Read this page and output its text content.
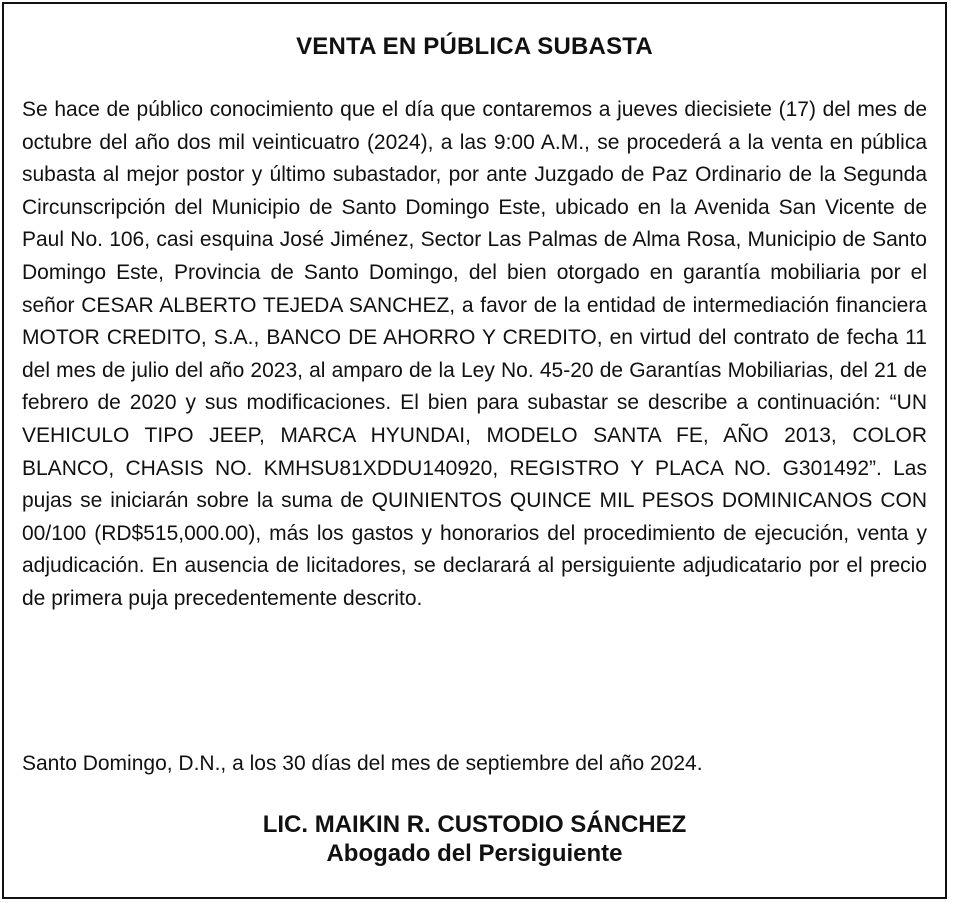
VENTA EN PÚBLICA SUBASTA

Se hace de público conocimiento que el día que contaremos a jueves diecisiete (17) del mes de octubre del año dos mil veinticuatro (2024), a las 9:00 A.M., se procederá a la venta en pública subasta al mejor postor y último subastador, por ante Juzgado de Paz Ordinario de la Segunda Circunscripción del Municipio de Santo Domingo Este, ubicado en la Avenida San Vicente de Paul No. 106, casi esquina José Jiménez, Sector Las Palmas de Alma Rosa, Municipio de Santo Domingo Este, Provincia de Santo Domingo, del bien otorgado en garantía mobiliaria por el señor CESAR ALBERTO TEJEDA SANCHEZ, a favor de la entidad de intermediación financiera MOTOR CREDITO, S.A., BANCO DE AHORRO Y CREDITO, en virtud del contrato de fecha 11 del mes de julio del año 2023, al amparo de la Ley No. 45-20 de Garantías Mobiliarias, del 21 de febrero de 2020 y sus modificaciones. El bien para subastar se describe a continuación: “UN VEHICULO TIPO JEEP, MARCA HYUNDAI, MODELO SANTA FE, AÑO 2013, COLOR BLANCO, CHASIS NO. KMHSU81XDDU140920, REGISTRO Y PLACA NO. G301492”. Las pujas se iniciarán sobre la suma de QUINIENTOS QUINCE MIL PESOS DOMINICANOS CON 00/100 (RD$515,000.00), más los gastos y honorarios del procedimiento de ejecución, venta y adjudicación. En ausencia de licitadores, se declarará al persiguiente adjudicatario por el precio de primera puja precedentemente descrito.

Santo Domingo, D.N., a los 30 días del mes de septiembre del año 2024.

LIC. MAIKIN R. CUSTODIO SÁNCHEZ
Abogado del Persiguiente
